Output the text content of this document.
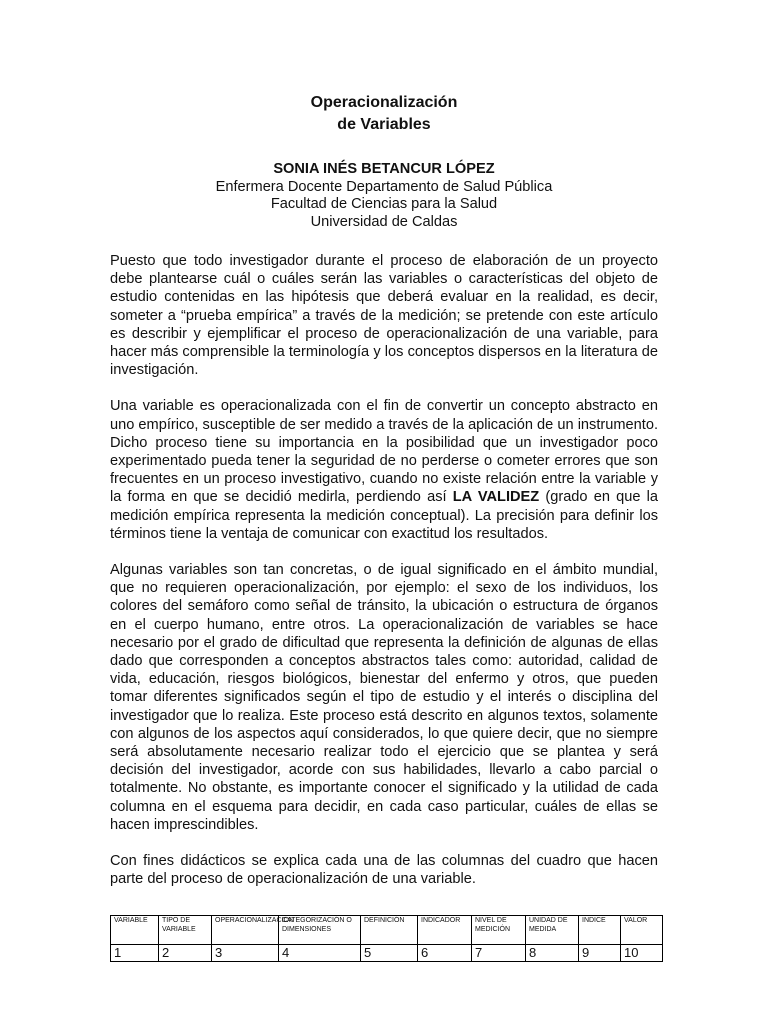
Operacionalización
de Variables

SONIA INÉS BETANCUR LÓPEZ
Enfermera Docente Departamento de Salud Pública
Facultad de Ciencias para la Salud
Universidad de Caldas

Puesto que todo investigador durante el proceso de elaboración de un proyecto debe plantearse cuál o cuáles serán las variables o características del objeto de estudio contenidas en las hipótesis que deberá evaluar en la realidad, es decir, someter a “prueba empírica” a través de la medición; se pretende con este artículo es describir y ejemplificar el proceso de operacionalización de una variable, para hacer más comprensible la terminología y los conceptos dispersos en la literatura de investigación.

Una variable es operacionalizada con el fin de convertir un concepto abstracto en uno empírico, susceptible de ser medido a través de la aplicación de un instrumento. Dicho proceso tiene su importancia en la posibilidad que un investigador poco experimentado pueda tener la seguridad de no perderse o cometer errores que son frecuentes en un proceso investigativo, cuando no existe relación entre la variable y la forma en que se decidió medirla, perdiendo así LA VALIDEZ (grado en que la medición empírica representa la medición conceptual). La precisión para definir los términos tiene la ventaja de comunicar con exactitud los resultados.

Algunas variables son tan concretas, o de igual significado en el ámbito mundial, que no requieren operacionalización, por ejemplo: el sexo de los individuos, los colores del semáforo como señal de tránsito, la ubicación o estructura de órganos en el cuerpo humano, entre otros. La operacionalización de variables se hace necesario por el grado de dificultad que representa la definición de algunas de ellas dado que corresponden a conceptos abstractos tales como: autoridad, calidad de vida, educación, riesgos biológicos, bienestar del enfermo y otros, que pueden tomar diferentes significados según el tipo de estudio y el interés o disciplina del investigador que lo realiza. Este proceso está descrito en algunos textos, solamente con algunos de los aspectos aquí considerados, lo que quiere decir, que no siempre será absolutamente necesario realizar todo el ejercicio que se plantea y será decisión del investigador, acorde con sus habilidades, llevarlo a cabo parcial o totalmente. No obstante, es importante conocer el significado y la utilidad de cada columna en el esquema para decidir, en cada caso particular, cuáles de ellas se hacen imprescindibles.

Con fines didácticos se explica cada una de las columnas del cuadro que hacen parte del proceso de operacionalización de una variable.

VARIABLE	TIPO DE VARIABLE	OPERACIONALIZACIÓN	CATEGORIZACIÓN O DIMENSIONES	DEFINICIÓN	INDICADOR	NIVEL DE MEDICIÓN	UNIDAD DE MEDIDA	INDICE	VALOR
1	2	3	4	5	6	7	8	9	10
